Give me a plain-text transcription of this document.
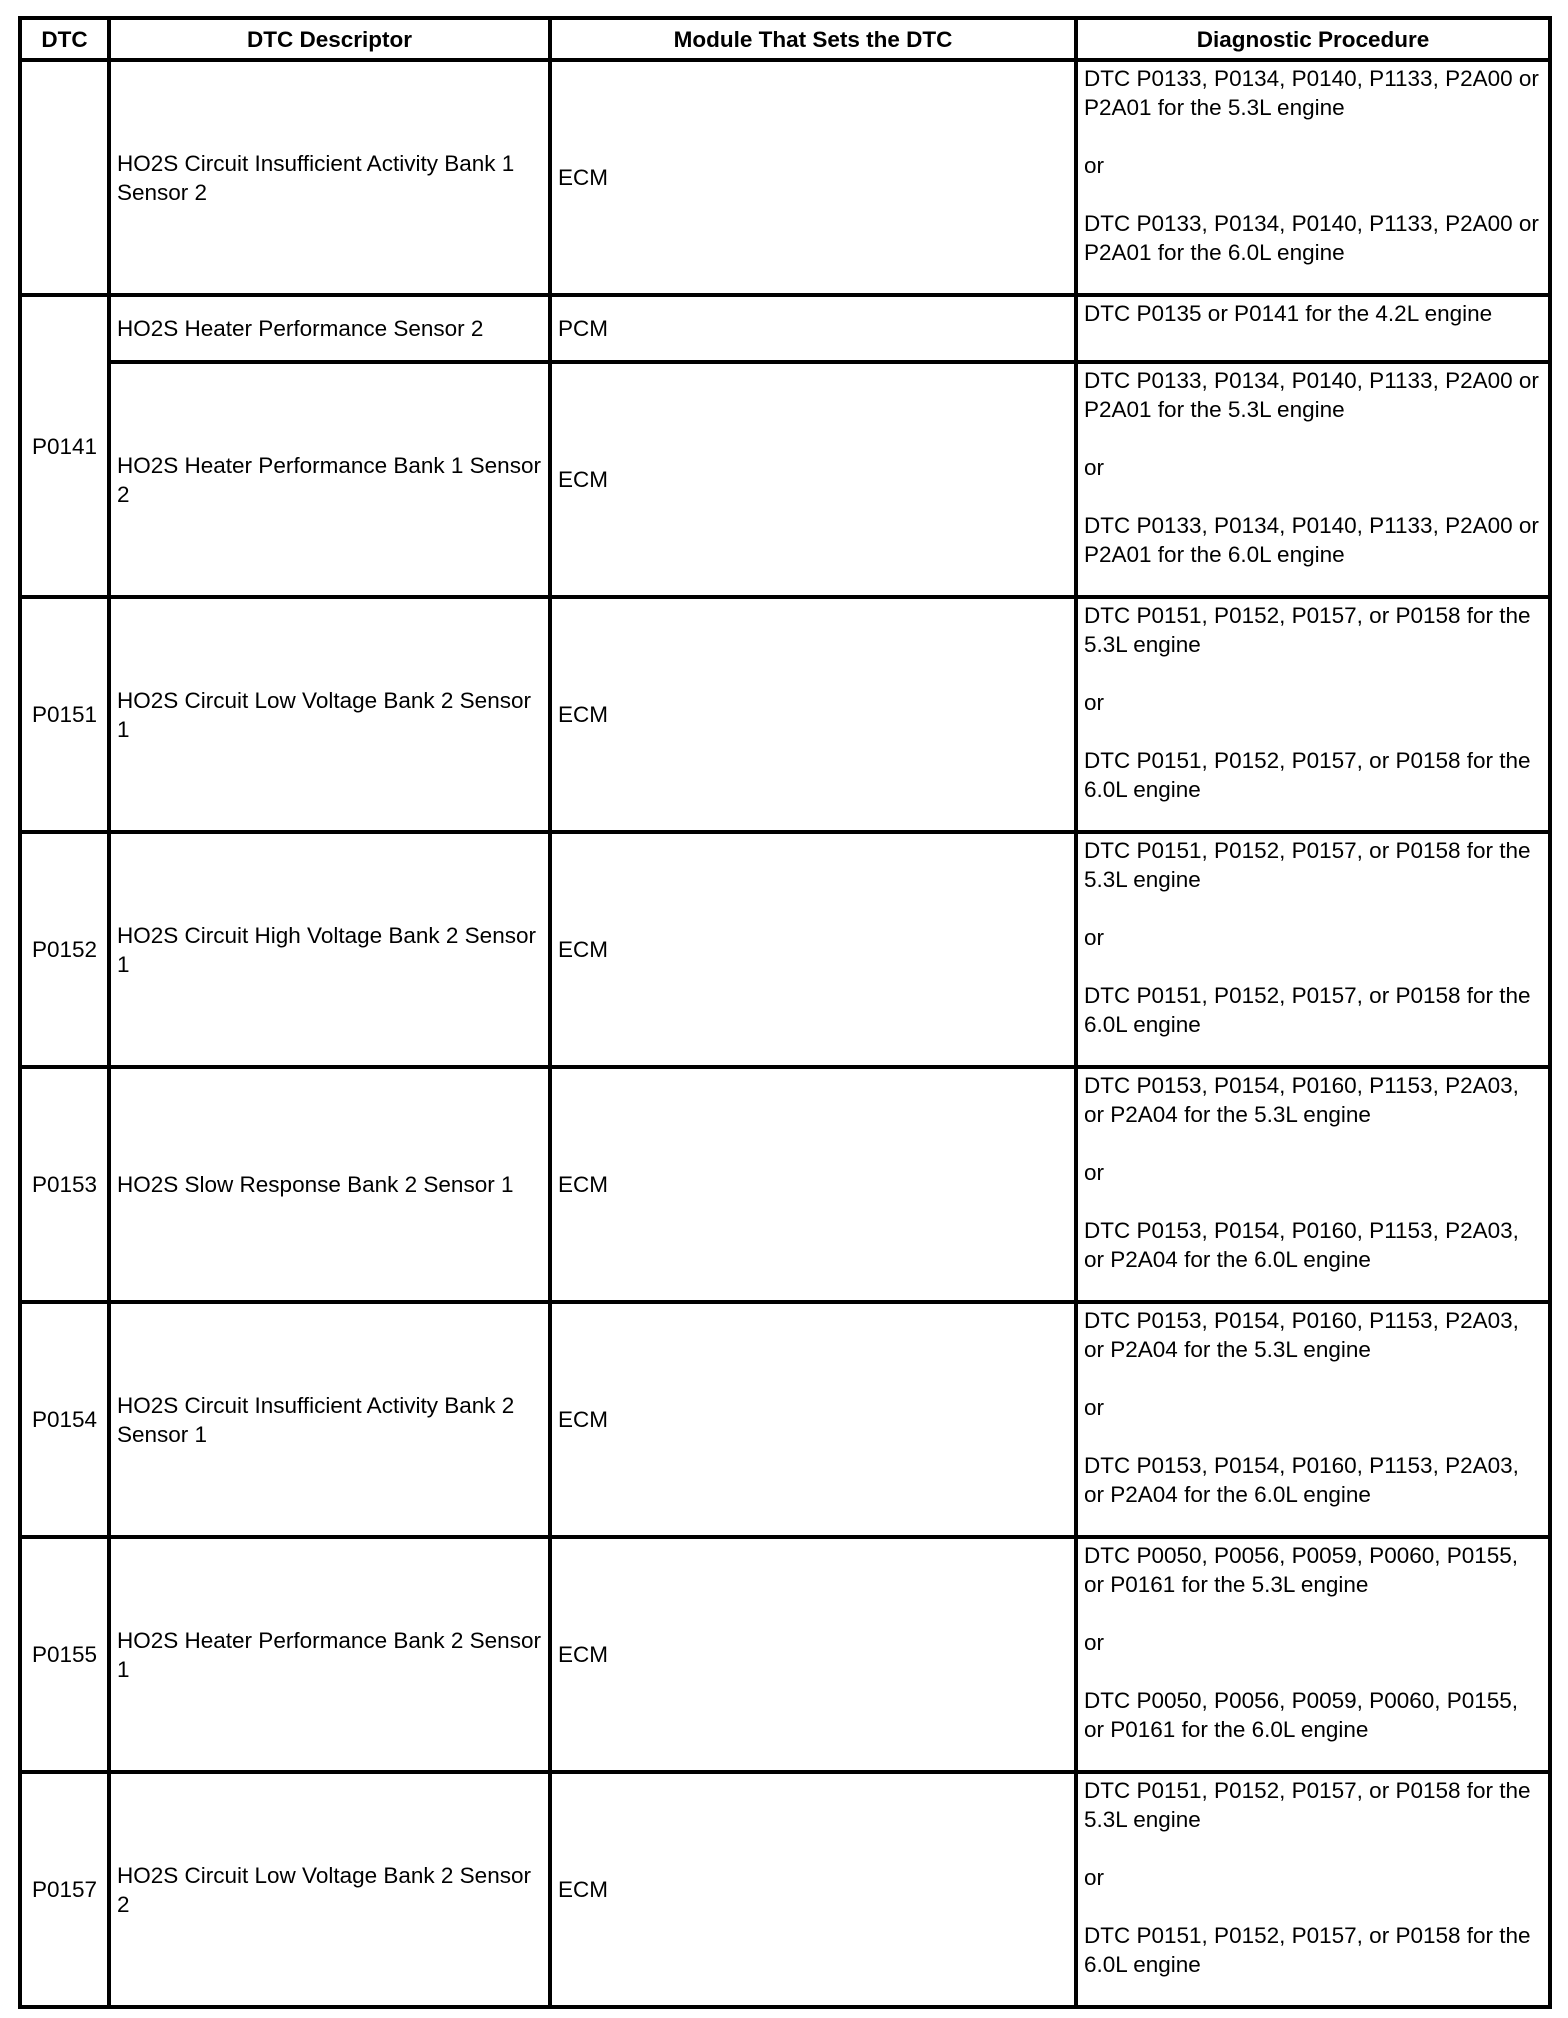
DTC	DTC Descriptor	Module That Sets the DTC	Diagnostic Procedure
	HO2S Circuit Insufficient Activity Bank 1 Sensor 2	ECM	DTC P0133, P0134, P0140, P1133, P2A00 or P2A01 for the 5.3L engine
or
DTC P0133, P0134, P0140, P1133, P2A00 or P2A01 for the 6.0L engine

P0141	HO2S Heater Performance Sensor 2	PCM	DTC P0135 or P0141 for the 4.2L engine

	HO2S Heater Performance Bank 1 Sensor 2	ECM	DTC P0133, P0134, P0140, P1133, P2A00 or P2A01 for the 5.3L engine
or
DTC P0133, P0134, P0140, P1133, P2A00 or P2A01 for the 6.0L engine

P0151	HO2S Circuit Low Voltage Bank 2 Sensor 1	ECM	DTC P0151, P0152, P0157, or P0158 for the 5.3L engine
or
DTC P0151, P0152, P0157, or P0158 for the 6.0L engine

P0152	HO2S Circuit High Voltage Bank 2 Sensor 1	ECM	DTC P0151, P0152, P0157, or P0158 for the 5.3L engine
or
DTC P0151, P0152, P0157, or P0158 for the 6.0L engine

P0153	HO2S Slow Response Bank 2 Sensor 1	ECM	DTC P0153, P0154, P0160, P1153, P2A03, or P2A04 for the 5.3L engine
or
DTC P0153, P0154, P0160, P1153, P2A03, or P2A04 for the 6.0L engine

P0154	HO2S Circuit Insufficient Activity Bank 2 Sensor 1	ECM	DTC P0153, P0154, P0160, P1153, P2A03, or P2A04 for the 5.3L engine
or
DTC P0153, P0154, P0160, P1153, P2A03, or P2A04 for the 6.0L engine

P0155	HO2S Heater Performance Bank 2 Sensor 1	ECM	DTC P0050, P0056, P0059, P0060, P0155, or P0161 for the 5.3L engine
or
DTC P0050, P0056, P0059, P0060, P0155, or P0161 for the 6.0L engine

P0157	HO2S Circuit Low Voltage Bank 2 Sensor 2	ECM	DTC P0151, P0152, P0157, or P0158 for the 5.3L engine
or
DTC P0151, P0152, P0157, or P0158 for the 6.0L engine
